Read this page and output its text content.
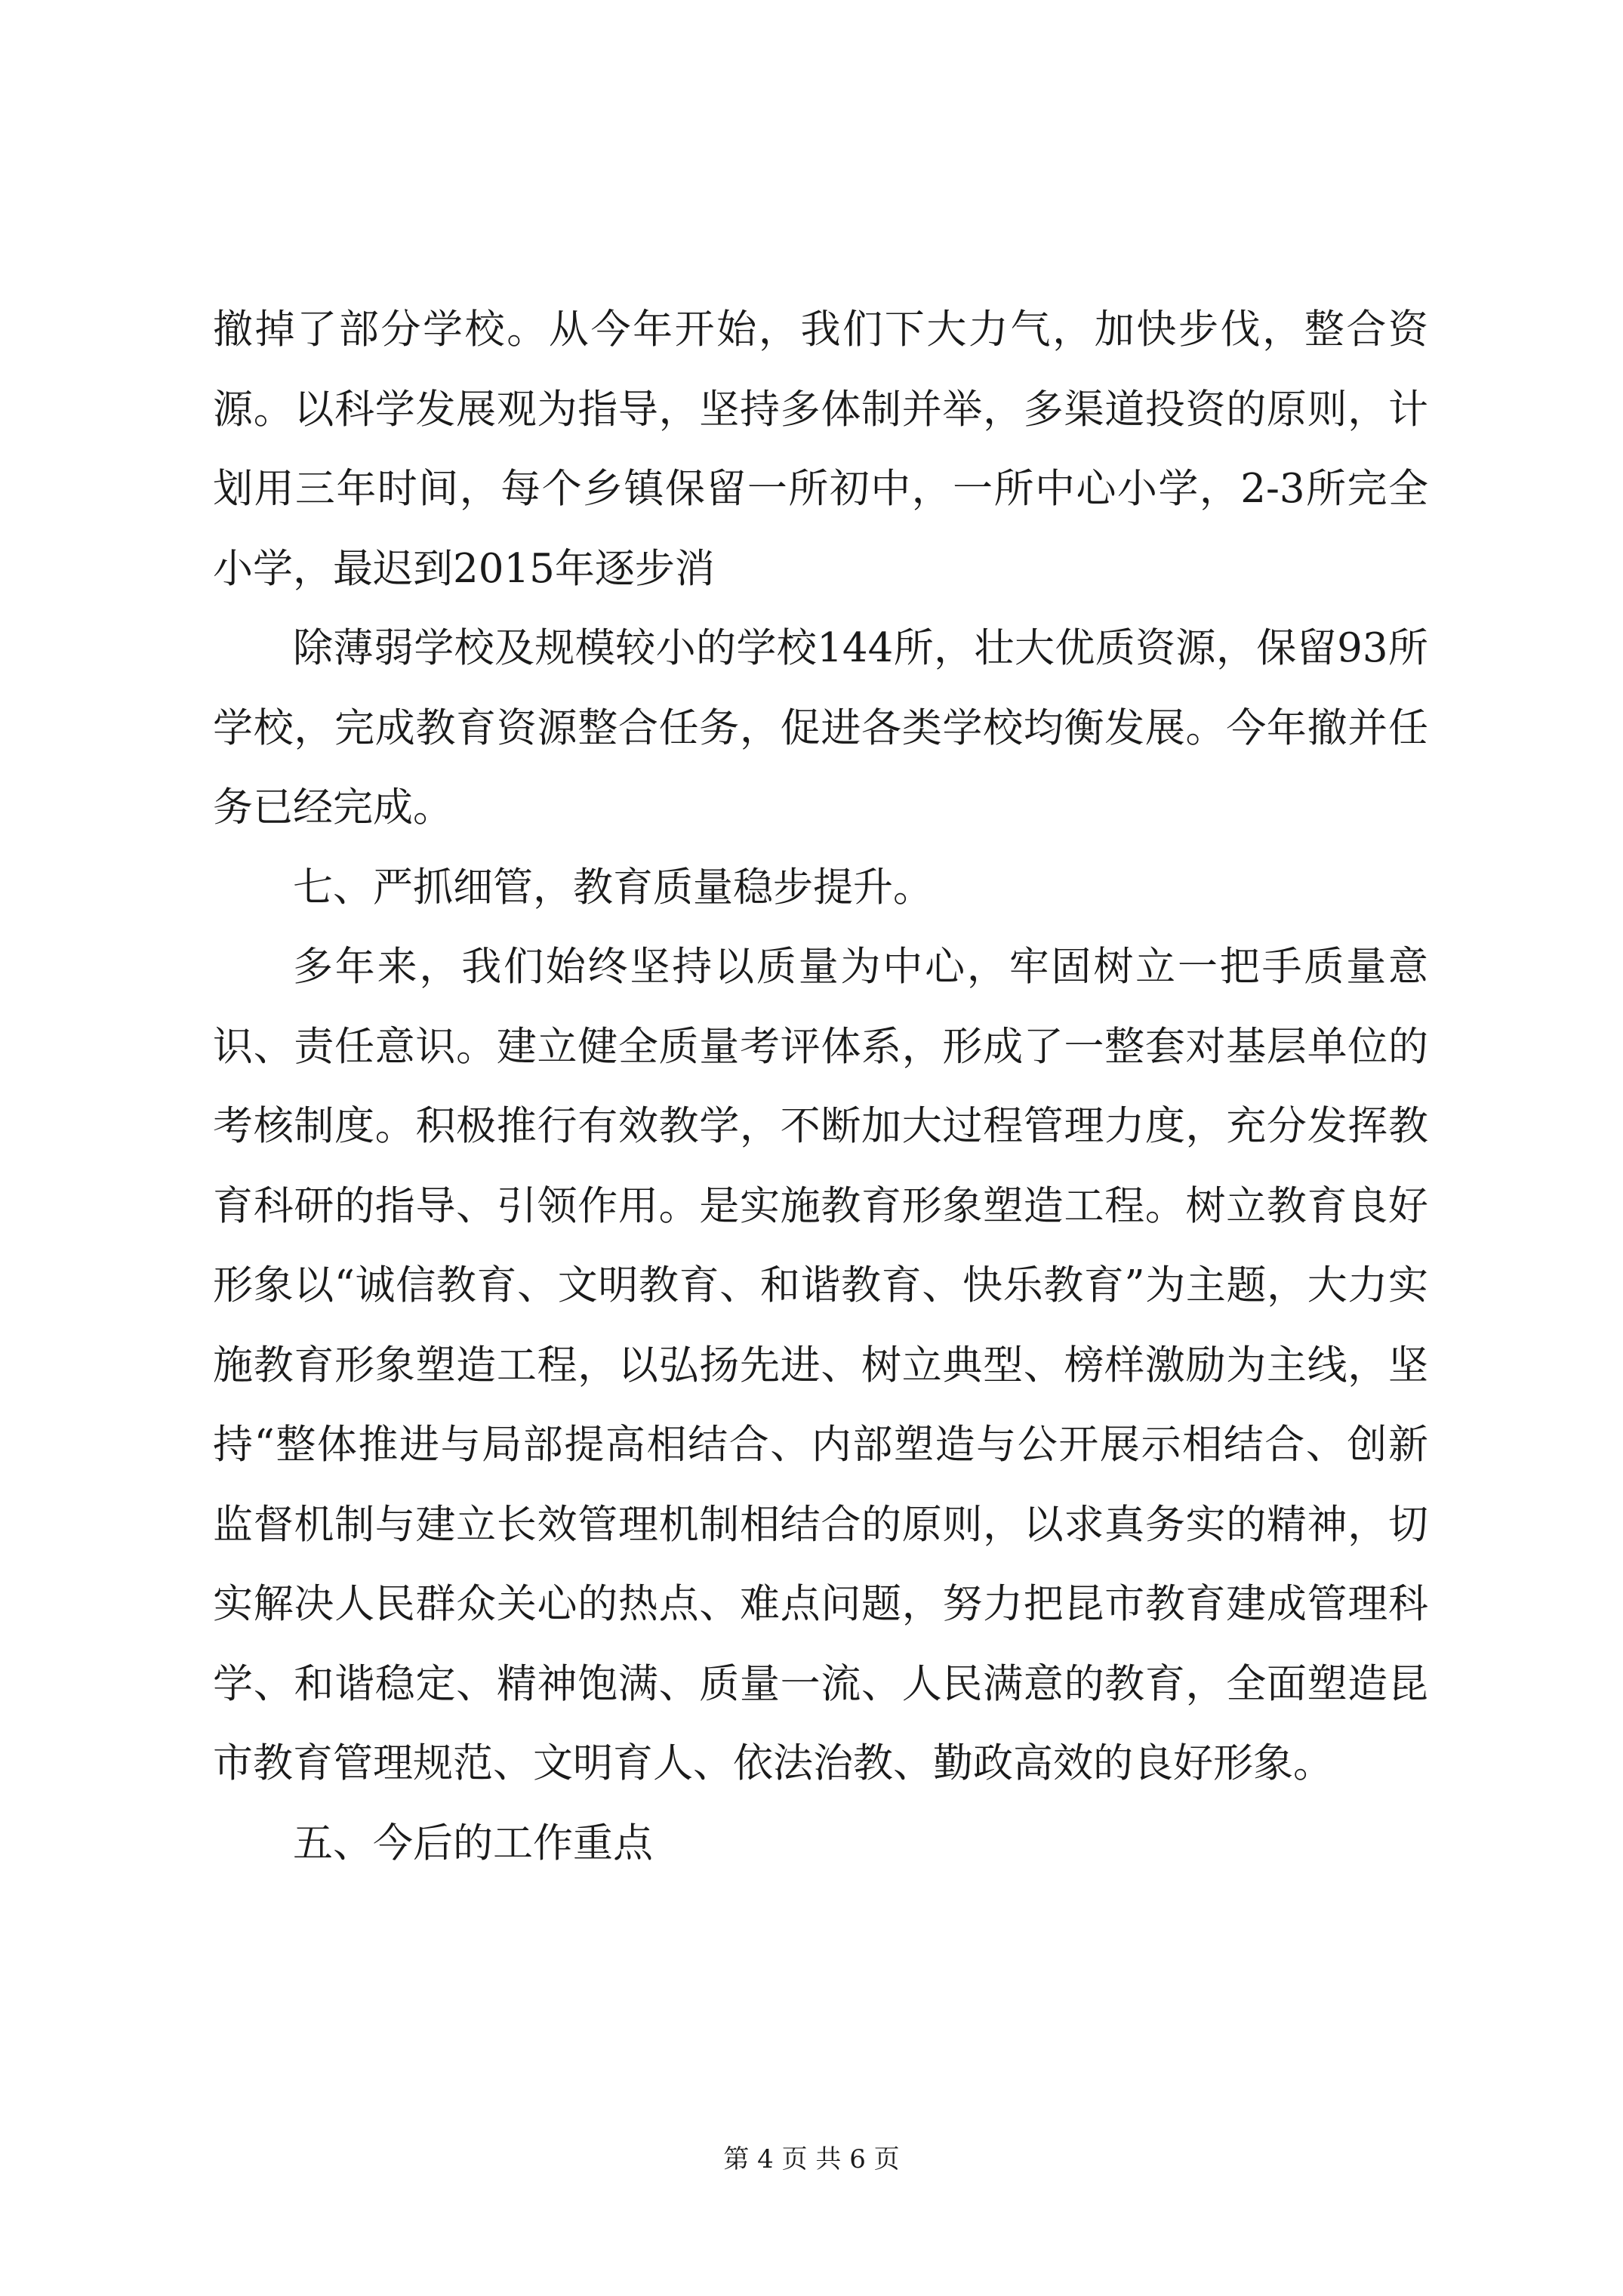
撤掉了部分学校。从今年开始，我们下大力气，加快步伐，整合资源。以科学发展观为指导，坚持多体制并举，多渠道投资的原则，计划用三年时间，每个乡镇保留一所初中，一所中心小学，2-3所完全小学，最迟到2015年逐步消

除薄弱学校及规模较小的学校144所，壮大优质资源，保留93所学校，完成教育资源整合任务，促进各类学校均衡发展。今年撤并任务已经完成。

七、严抓细管，教育质量稳步提升。

多年来，我们始终坚持以质量为中心，牢固树立一把手质量意识、责任意识。建立健全质量考评体系，形成了一整套对基层单位的考核制度。积极推行有效教学，不断加大过程管理力度，充分发挥教育科研的指导、引领作用。是实施教育形象塑造工程。树立教育良好形象以“诚信教育、文明教育、和谐教育、快乐教育”为主题，大力实施教育形象塑造工程，以弘扬先进、树立典型、榜样激励为主线，坚持“整体推进与局部提高相结合、内部塑造与公开展示相结合、创新监督机制与建立长效管理机制相结合的原则，以求真务实的精神，切实解决人民群众关心的热点、难点问题，努力把昆市教育建成管理科学、和谐稳定、精神饱满、质量一流、人民满意的教育，全面塑造昆市教育管理规范、文明育人、依法治教、勤政高效的良好形象。

五、今后的工作重点

第 4 页 共 6 页
